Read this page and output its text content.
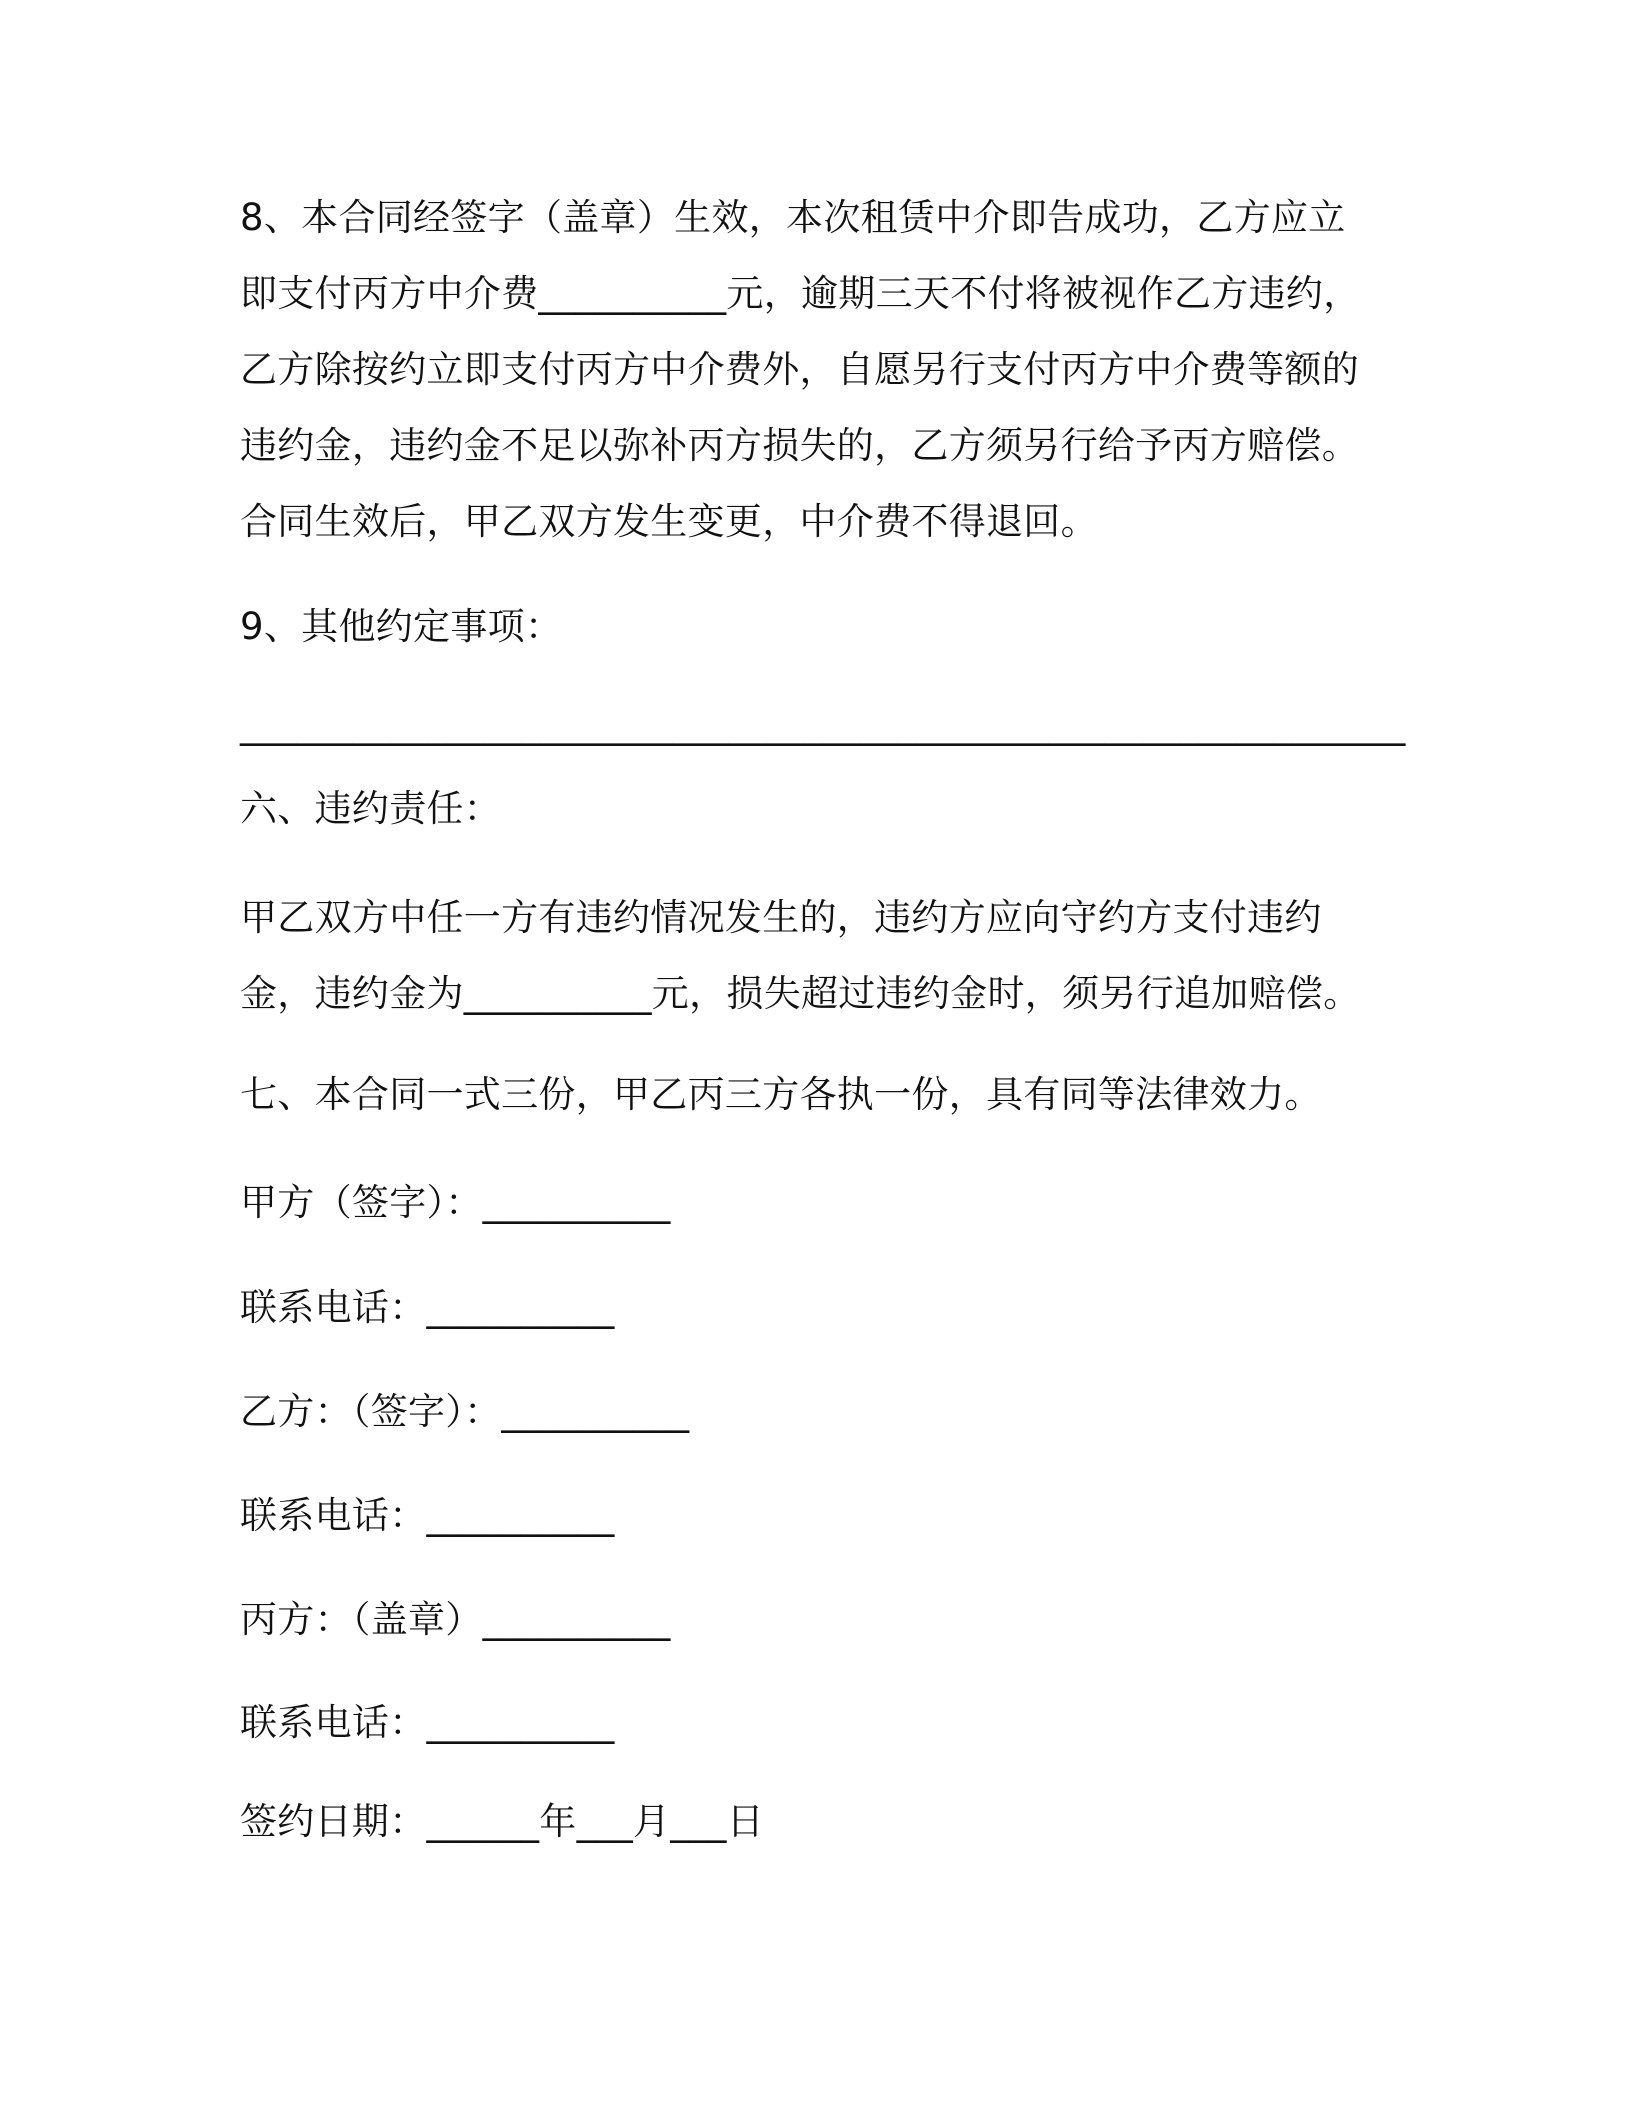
8、本合同经签字（盖章）生效，本次租赁中介即告成功，乙方应立即支付丙方中介费__________元，逾期三天不付将被视作乙方违约，乙方除按约立即支付丙方中介费外，自愿另行支付丙方中介费等额的违约金，违约金不足以弥补丙方损失的，乙方须另行给予丙方赔偿。合同生效后，甲乙双方发生变更，中介费不得退回。
9、其他约定事项：
______________________________________________________________
六、违约责任：
甲乙双方中任一方有违约情况发生的，违约方应向守约方支付违约金，违约金为__________元，损失超过违约金时，须另行追加赔偿。
七、本合同一式三份，甲乙丙三方各执一份，具有同等法律效力。
甲方（签字）：__________
联系电话：__________
乙方：（签字）：__________
联系电话：__________
丙方：（盖章）__________
联系电话：__________
签约日期：______年___月___日
